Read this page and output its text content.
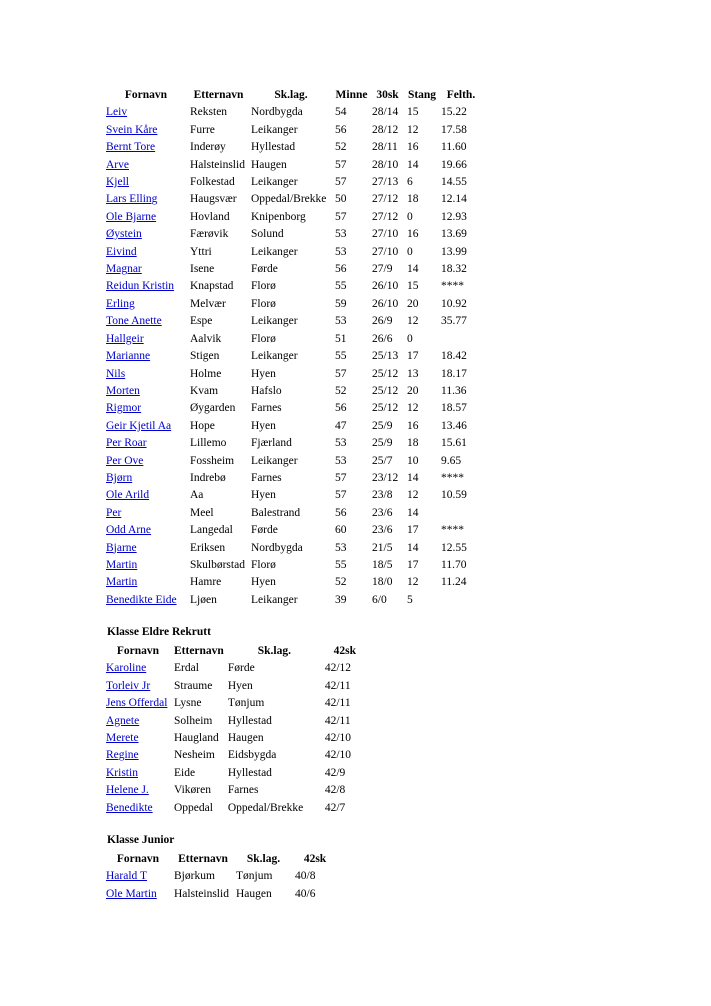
Fornavn	Etternavn	Sk.lag.	Minne	30sk	Stang	Felth.
Leiv	Reksten	Nordbygda	54	28/14	15	15.22
Svein Kåre	Furre	Leikanger	56	28/12	12	17.58
Bernt Tore	Inderøy	Hyllestad	52	28/11	16	11.60
Arve	Halsteinslid	Haugen	57	28/10	14	19.66
Kjell	Folkestad	Leikanger	57	27/13	6	14.55
Lars Elling	Haugsvær	Oppedal/Brekke	50	27/12	18	12.14
Ole Bjarne	Hovland	Knipenborg	57	27/12	0	12.93
Øystein	Færøvik	Solund	53	27/10	16	13.69
Eivind	Yttri	Leikanger	53	27/10	0	13.99
Magnar	Isene	Førde	56	27/9	14	18.32
Reidun Kristin	Knapstad	Florø	55	26/10	15	****
Erling	Melvær	Florø	59	26/10	20	10.92
Tone Anette	Espe	Leikanger	53	26/9	12	35.77
Hallgeir	Aalvik	Florø	51	26/6	0	
Marianne	Stigen	Leikanger	55	25/13	17	18.42
Nils	Holme	Hyen	57	25/12	13	18.17
Morten	Kvam	Hafslo	52	25/12	20	11.36
Rigmor	Øygarden	Farnes	56	25/12	12	18.57
Geir Kjetil Aa	Hope	Hyen	47	25/9	16	13.46
Per Roar	Lillemo	Fjærland	53	25/9	18	15.61
Per Ove	Fossheim	Leikanger	53	25/7	10	9.65
Bjørn	Indrebø	Farnes	57	23/12	14	****
Ole Arild	Aa	Hyen	57	23/8	12	10.59
Per	Meel	Balestrand	56	23/6	14	
Odd Arne	Langedal	Førde	60	23/6	17	****
Bjarne	Eriksen	Nordbygda	53	21/5	14	12.55
Martin	Skulbørstad	Florø	55	18/5	17	11.70
Martin	Hamre	Hyen	52	18/0	12	11.24
Benedikte Eide	Ljøen	Leikanger	39	6/0	5	
Klasse Eldre Rekrutt
Fornavn	Etternavn	Sk.lag.	42sk
Karoline	Erdal	Førde	42/12
Torleiv Jr	Straume	Hyen	42/11
Jens Offerdal	Lysne	Tønjum	42/11
Agnete	Solheim	Hyllestad	42/11
Merete	Haugland	Haugen	42/10
Regine	Nesheim	Eidsbygda	42/10
Kristin	Eide	Hyllestad	42/9
Helene J.	Vikøren	Farnes	42/8
Benedikte	Oppedal	Oppedal/Brekke	42/7
Klasse Junior
Fornavn	Etternavn	Sk.lag.	42sk
Harald T	Bjørkum	Tønjum	40/8
Ole Martin	Halsteinslid	Haugen	40/6
